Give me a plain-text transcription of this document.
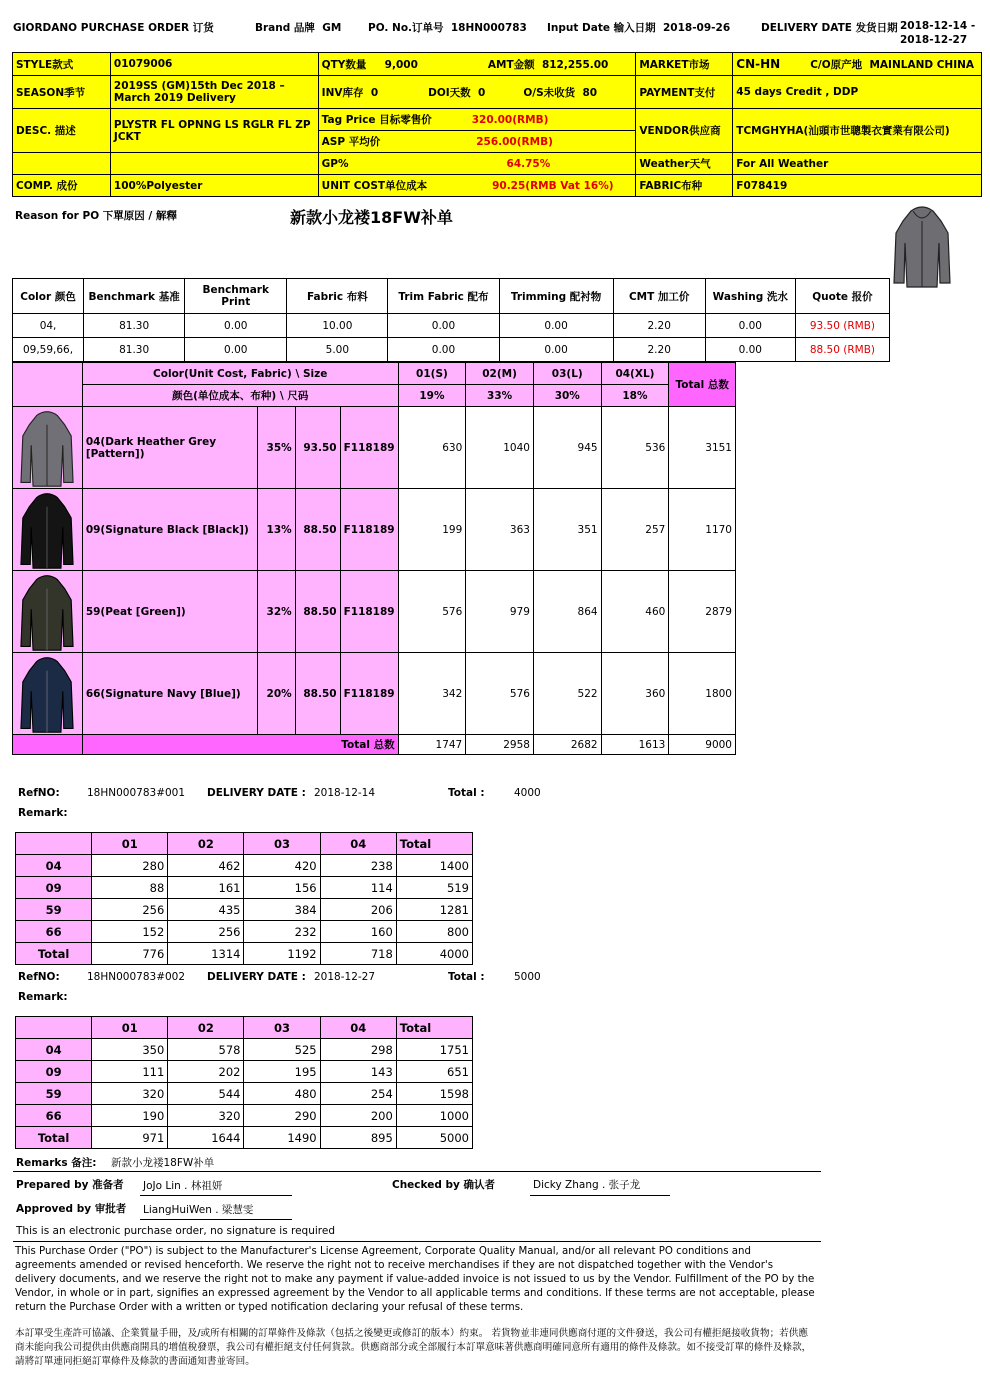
GIORDANO PURCHASE ORDER 订货	Brand 品牌 GM	PO. No.订单号 18HN000783 Input Date 输入日期 2018-09-26	DELIVERY DATE 发货日期 2018-12-14 -
2018-12-27
STYLE款式	01079006	QTY数量 9,000 AMT金额 812,255.00	MARKET市场	CN-HN C/O原产地 MAINLAND CHINA
SEASON季节	2019SS (GM)15th Dec 2018 – March 2019 Delivery	INV库存 0 DOI天数 0 O/S未收货 80	PAYMENT支付	45 days Credit , DDP
DESC. 描述	PLYSTR FL OPNNG LS RGLR FL ZP JCKT	Tag Price 目标零售价 320.00(RMB)	VENDOR供应商	TCMGHYHA(汕頭市世聰製衣實業有限公司)
		ASP 平均价 256.00(RMB)		
		GP% 64.75%	Weather天气	For All Weather
COMP. 成份	100%Polyester	UNIT COST单位成本 90.25(RMB Vat 16%)	FABRIC布种	F078419
Reason for PO 下單原因 / 解釋	新款小龙褛18FW补单
Color 颜色	Benchmark 基准	Benchmark Print	Fabric 布料	Trim Fabric 配布	Trimming 配衬物	CMT 加工价	Washing 洗水	Quote 报价
04,	81.30	0.00	10.00	0.00	0.00	2.20	0.00	93.50 (RMB)
09,59,66,	81.30	0.00	5.00	0.00	0.00	2.20	0.00	88.50 (RMB)
	Color(Unit Cost, Fabric) \ Size				01(S)	02(M)	03(L)	04(XL)	Total 总数
	颜色(单位成本、布种) \ 尺码				19%	33%	30%	18%	

	04(Dark Heather Grey [Pattern])	35%	93.50	F118189	630	1040	945	536	3151

	09(Signature Black [Black])	13%	88.50	F118189	199	363	351	257	1170

	59(Peat [Green])	32%	88.50	F118189	576	979	864	460	2879

	66(Signature Navy [Blue])	20%	88.50	F118189	342	576	522	360	1800
	Total 总数				1747	2958	2682	1613	9000
RefNO:	18HN000783#001 DELIVERY DATE : 2018-12-14	Total :	4000
Remark:
	01	02	03	04	Total
04	280	462	420	238	1400
09	88	161	156	114	519
59	256	435	384	206	1281
66	152	256	232	160	800
Total	776	1314	1192	718	4000
RefNO:	18HN000783#002 DELIVERY DATE : 2018-12-27	Total :	5000
Remark:
	01	02	03	04	Total
04	350	578	525	298	1751
09	111	202	195	143	651
59	320	544	480	254	1598
66	190	320	290	200	1000
Total	971	1644	1490	895	5000
Remarks 备注: 新款小龙褛18FW补单
Prepared by 准备者 JoJo Lin . 林祖妍	Checked by 确认者	Dicky Zhang . 张子龙
Approved by 审批者 LiangHuiWen . 梁慧雯
This is an electronic purchase order, no signature is required
This Purchase Order ("PO") is subject to the Manufacturer's License Agreement, Corporate Quality Manual, and/or all relevant PO conditions and agreements amended or revised henceforth. We reserve the right not to receive merchandises if they are not dispatched together with the Vendor's delivery documents, and we reserve the right not to make any payment if value-added invoice is not issued to us by the Vendor. Fulfillment of the PO by the Vendor, in whole or in part, signifies an expressed agreement by the Vendor to all applicable terms and conditions. If these terms are not acceptable, please return the Purchase Order with a written or typed notification declaring your refusal of these terms.
本訂單受生產許可協議、企業質量手冊，及/或所有相關的訂單條件及條款（包括之後變更或修訂的版本）約束。 若貨物並非連同供應商付運的文件發送，我公司有權拒絕接收貨物；若供應商未能向我公司提供由供應商開具的增值稅發票，我公司有權拒絕支付任何貨款。供應商部分或全部履行本訂單意味著供應商明確同意所有適用的條件及條款。如不接受訂單的條件及條款，請將訂單連同拒絕訂單條件及條款的書面通知書並寄回。
